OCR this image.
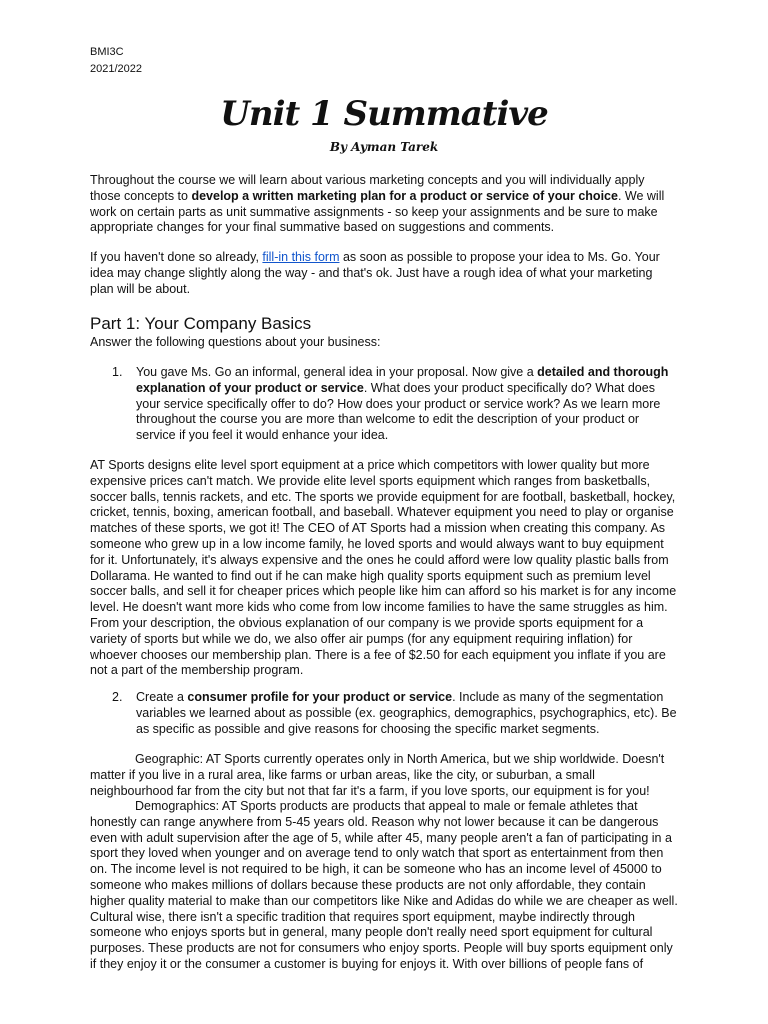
BMI3C
2021/2022
Unit 1 Summative
By Ayman Tarek

Throughout the course we will learn about various marketing concepts and you will individually apply those concepts to develop a written marketing plan for a product or service of your choice. We will work on certain parts as unit summative assignments - so keep your assignments and be sure to make appropriate changes for your final summative based on suggestions and comments.

If you haven't done so already, fill-in this form as soon as possible to propose your idea to Ms. Go. Your idea may change slightly along the way - and that's ok. Just have a rough idea of what your marketing plan will be about.

Part 1: Your Company Basics

Answer the following questions about your business:

1. You gave Ms. Go an informal, general idea in your proposal. Now give a detailed and thorough explanation of your product or service. What does your product specifically do? What does your service specifically offer to do? How does your product or service work? As we learn more throughout the course you are more than welcome to edit the description of your product or service if you feel it would enhance your idea.

AT Sports designs elite level sport equipment at a price which competitors with lower quality but more expensive prices can't match. We provide elite level sports equipment which ranges from basketballs, soccer balls, tennis rackets, and etc. The sports we provide equipment for are football, basketball, hockey, cricket, tennis, boxing, american football, and baseball. Whatever equipment you need to play or organise matches of these sports, we got it! The CEO of AT Sports had a mission when creating this company. As someone who grew up in a low income family, he loved sports and would always want to buy equipment for it. Unfortunately, it's always expensive and the ones he could afford were low quality plastic balls from Dollarama. He wanted to find out if he can make high quality sports equipment such as premium level soccer balls, and sell it for cheaper prices which people like him can afford so his market is for any income level. He doesn't want more kids who come from low income families to have the same struggles as him. From your description, the obvious explanation of our company is we provide sports equipment for a variety of sports but while we do, we also offer air pumps (for any equipment requiring inflation) for whoever chooses our membership plan. There is a fee of $2.50 for each equipment you inflate if you are not a part of the membership program.

2. Create a consumer profile for your product or service. Include as many of the segmentation variables we learned about as possible (ex. geographics, demographics, psychographics, etc). Be as specific as possible and give reasons for choosing the specific market segments.

Geographic: AT Sports currently operates only in North America, but we ship worldwide. Doesn't matter if you live in a rural area, like farms or urban areas, like the city, or suburban, a small neighbourhood far from the city but not that far it's a farm, if you love sports, our equipment is for you!

Demographics: AT Sports products are products that appeal to male or female athletes that honestly can range anywhere from 5-45 years old. Reason why not lower because it can be dangerous even with adult supervision after the age of 5, while after 45, many people aren't a fan of participating in a sport they loved when younger and on average tend to only watch that sport as entertainment from then on. The income level is not required to be high, it can be someone who has an income level of 45000 to someone who makes millions of dollars because these products are not only affordable, they contain higher quality material to make than our competitors like Nike and Adidas do while we are cheaper as well. Cultural wise, there isn't a specific tradition that requires sport equipment, maybe indirectly through someone who enjoys sports but in general, many people don't really need sport equipment for cultural purposes. These products are not for consumers who enjoy sports. People will buy sports equipment only if they enjoy it or the consumer a customer is buying for enjoys it. With over billions of people fans of
